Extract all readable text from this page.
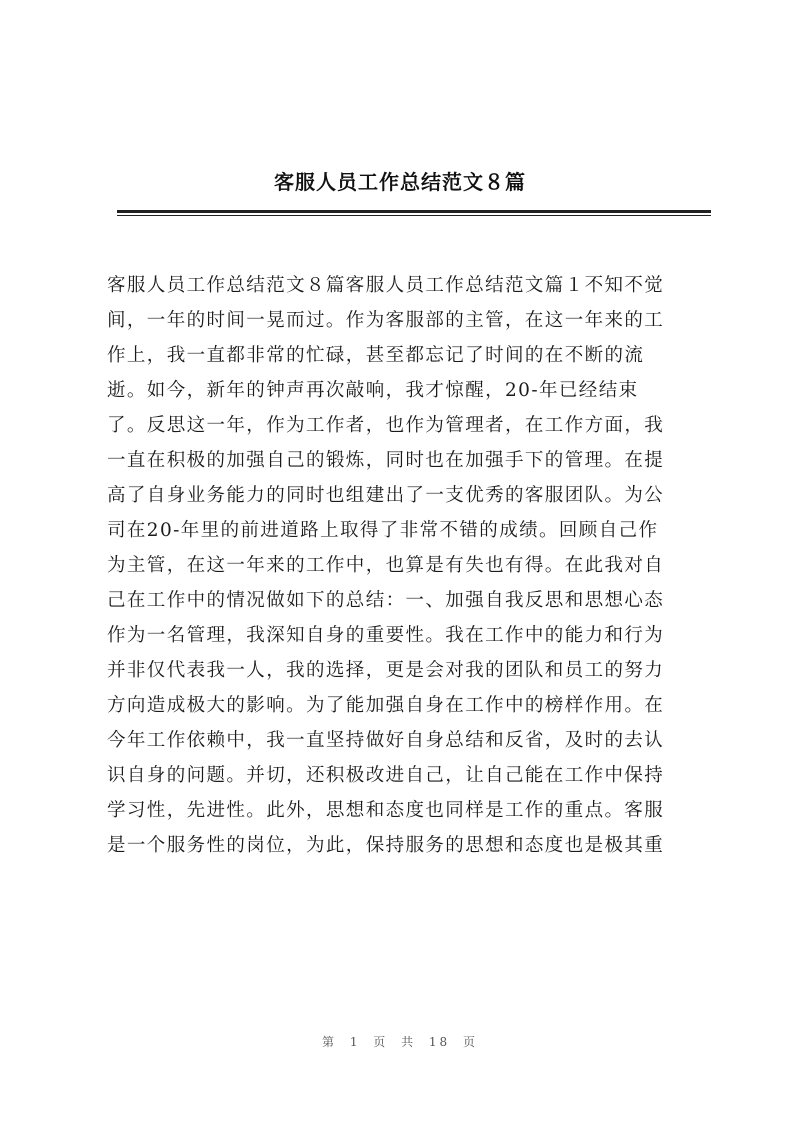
客服人员工作总结范文８篇
客服人员工作总结范文８篇客服人员工作总结范文篇１不知不觉
间，一年的时间一晃而过。作为客服部的主管，在这一年来的工
作上，我一直都非常的忙碌，甚至都忘记了时间的在不断的流
逝。如今，新年的钟声再次敲响，我才惊醒，20-年已经结束
了。反思这一年，作为工作者，也作为管理者，在工作方面，我
一直在积极的加强自己的锻炼，同时也在加强手下的管理。在提
高了自身业务能力的同时也组建出了一支优秀的客服团队。为公
司在20-年里的前进道路上取得了非常不错的成绩。回顾自己作
为主管，在这一年来的工作中，也算是有失也有得。在此我对自
己在工作中的情况做如下的总结：一、加强自我反思和思想心态
作为一名管理，我深知自身的重要性。我在工作中的能力和行为
并非仅代表我一人，我的选择，更是会对我的团队和员工的努力
方向造成极大的影响。为了能加强自身在工作中的榜样作用。在
今年工作依赖中，我一直坚持做好自身总结和反省，及时的去认
识自身的问题。并切，还积极改进自己，让自己能在工作中保持
学习性，先进性。此外，思想和态度也同样是工作的重点。客服
是一个服务性的岗位，为此，保持服务的思想和态度也是极其重
第 1 页 共 18 页
